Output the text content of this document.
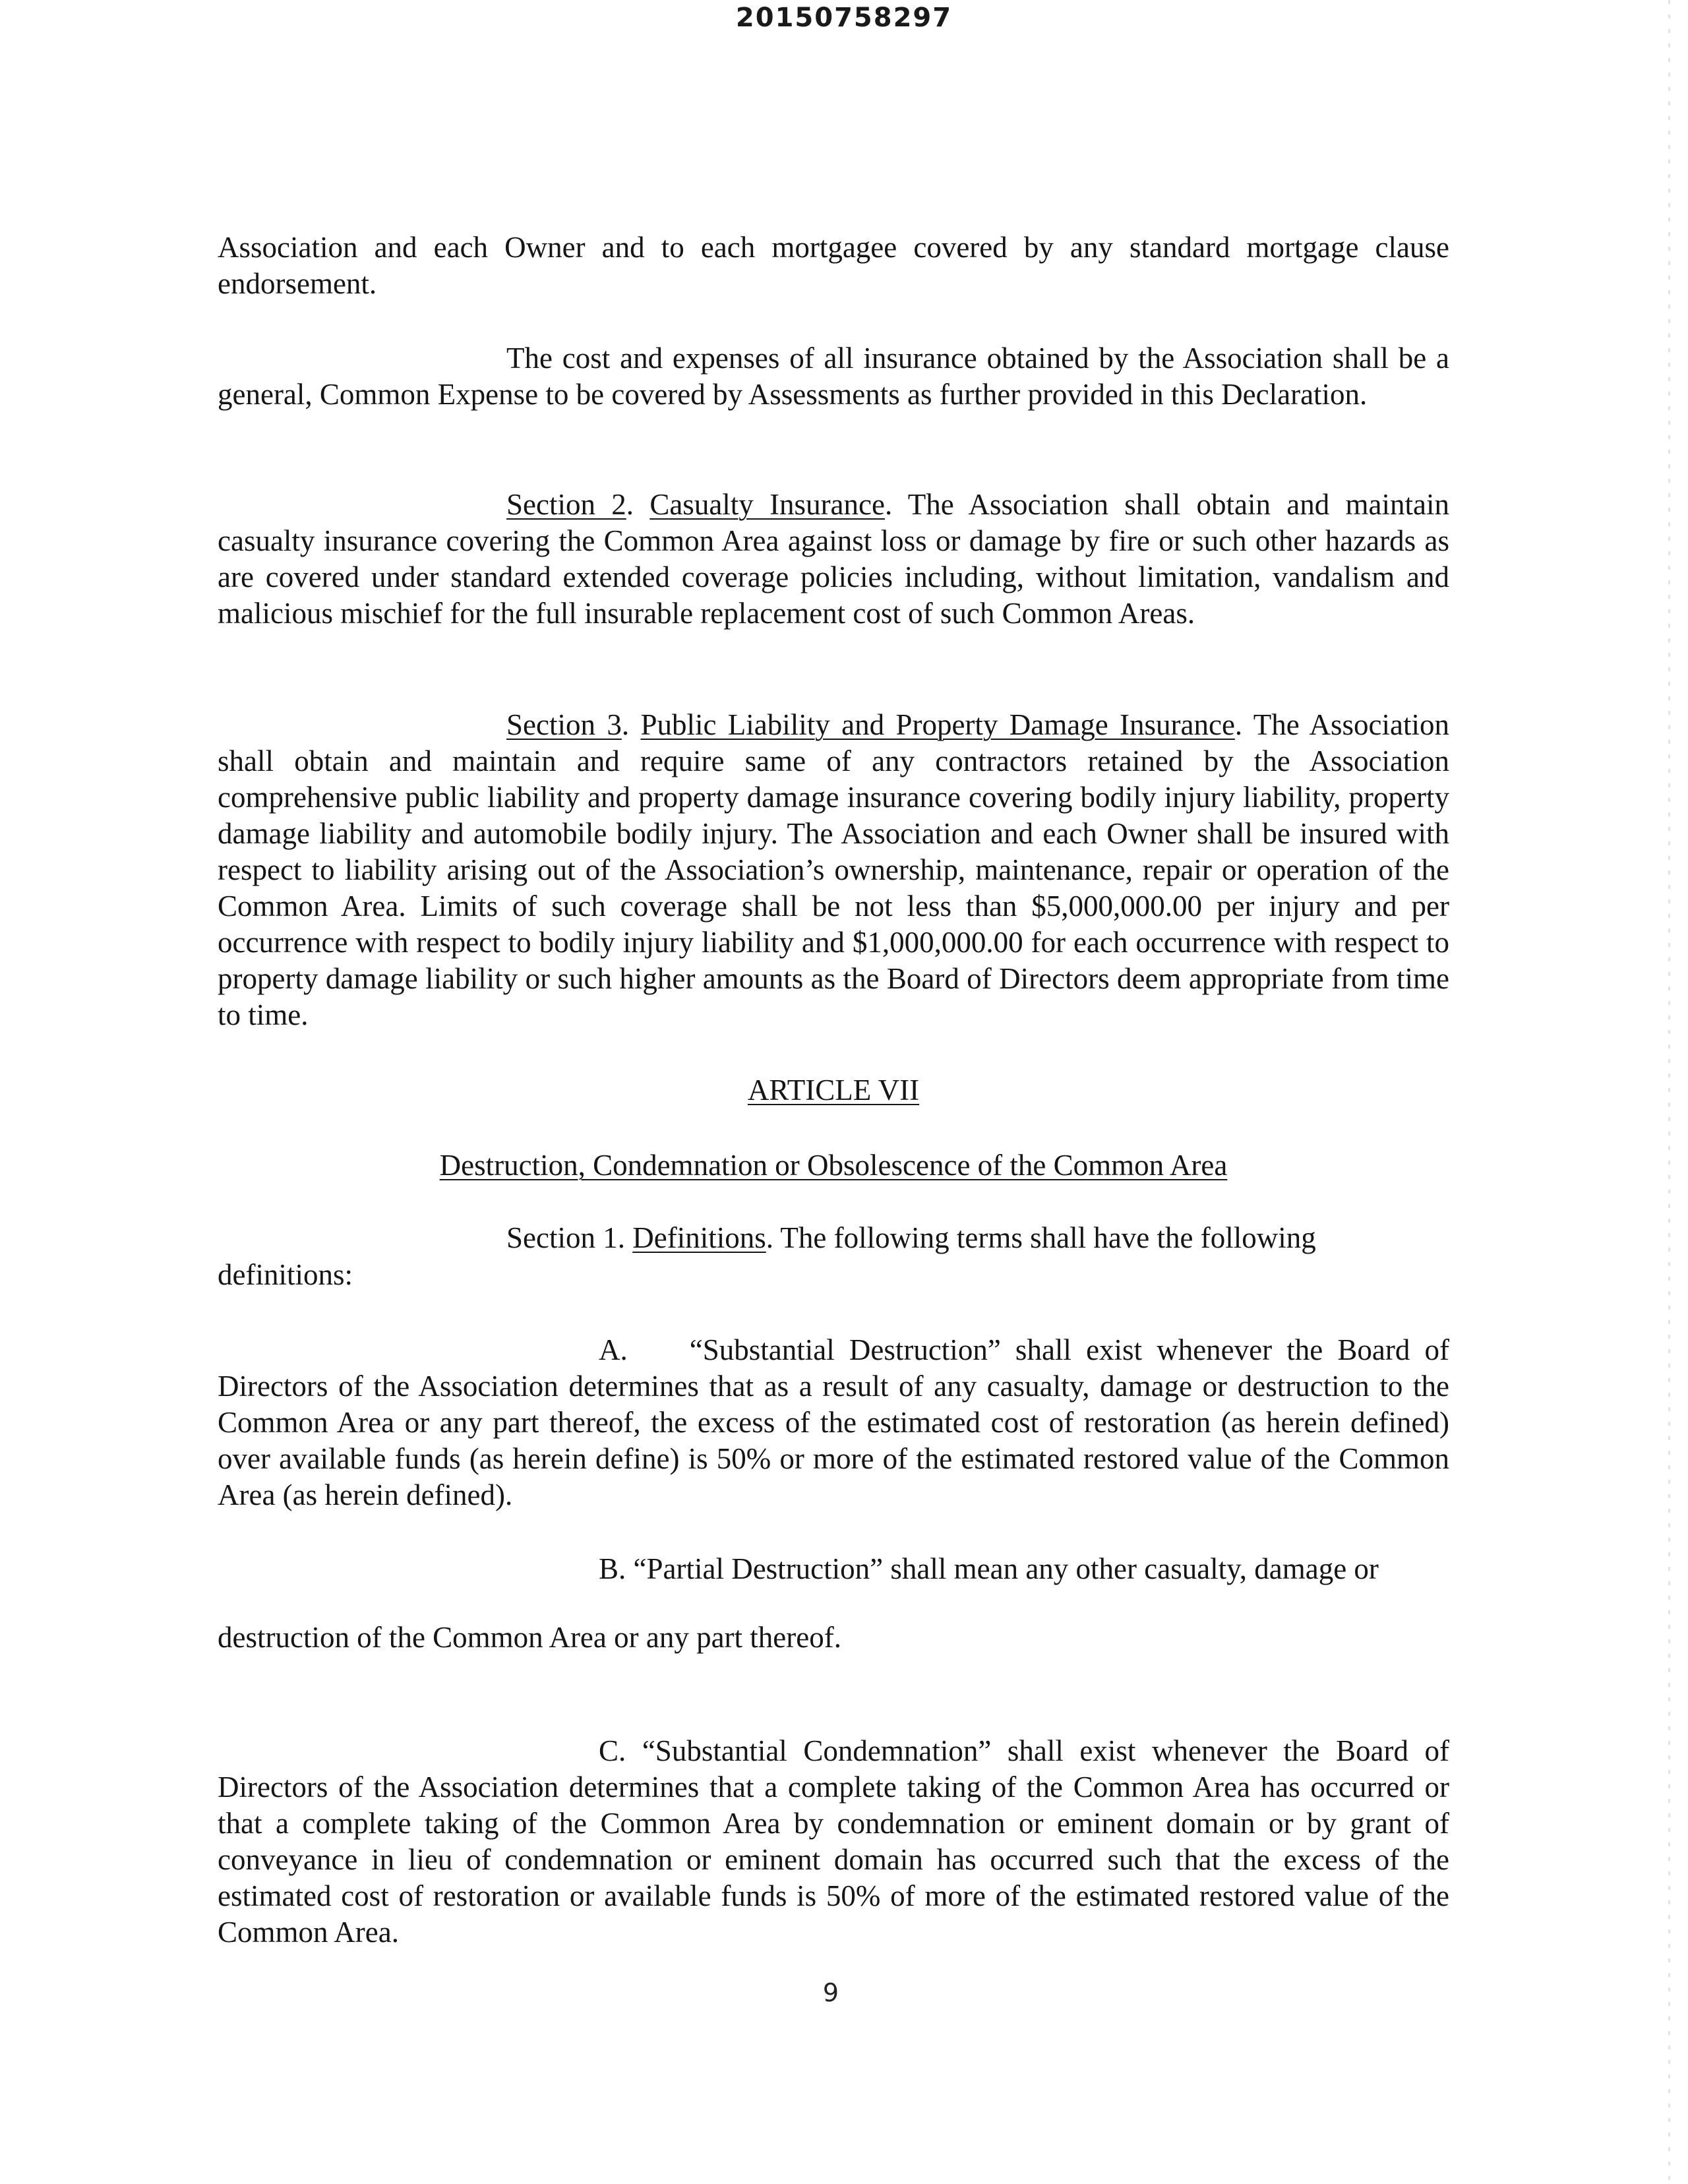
20150758297

Association and each Owner and to each mortgagee covered by any standard mortgage clause endorsement.

The cost and expenses of all insurance obtained by the Association shall be a general, Common Expense to be covered by Assessments as further provided in this Declaration.

Section 2. Casualty Insurance. The Association shall obtain and maintain casualty insurance covering the Common Area against loss or damage by fire or such other hazards as are covered under standard extended coverage policies including, without limitation, vandalism and malicious mischief for the full insurable replacement cost of such Common Areas.

Section 3. Public Liability and Property Damage Insurance. The Association shall obtain and maintain and require same of any contractors retained by the Association comprehensive public liability and property damage insurance covering bodily injury liability, property damage liability and automobile bodily injury. The Association and each Owner shall be insured with respect to liability arising out of the Association’s ownership, maintenance, repair or operation of the Common Area. Limits of such coverage shall be not less than $5,000,000.00 per injury and per occurrence with respect to bodily injury liability and $1,000,000.00 for each occurrence with respect to property damage liability or such higher amounts as the Board of Directors deem appropriate from time to time.

ARTICLE VII

Destruction, Condemnation or Obsolescence of the Common Area

Section 1. Definitions. The following terms shall have the following

definitions:

A. “Substantial Destruction” shall exist whenever the Board of Directors of the Association determines that as a result of any casualty, damage or destruction to the Common Area or any part thereof, the excess of the estimated cost of restoration (as herein defined) over available funds (as herein define) is 50% or more of the estimated restored value of the Common Area (as herein defined).

B. “Partial Destruction” shall mean any other casualty, damage or

destruction of the Common Area or any part thereof.

C. “Substantial Condemnation” shall exist whenever the Board of Directors of the Association determines that a complete taking of the Common Area has occurred or that a complete taking of the Common Area by condemnation or eminent domain or by grant of conveyance in lieu of condemnation or eminent domain has occurred such that the excess of the estimated cost of restoration or available funds is 50% of more of the estimated restored value of the Common Area.

9
